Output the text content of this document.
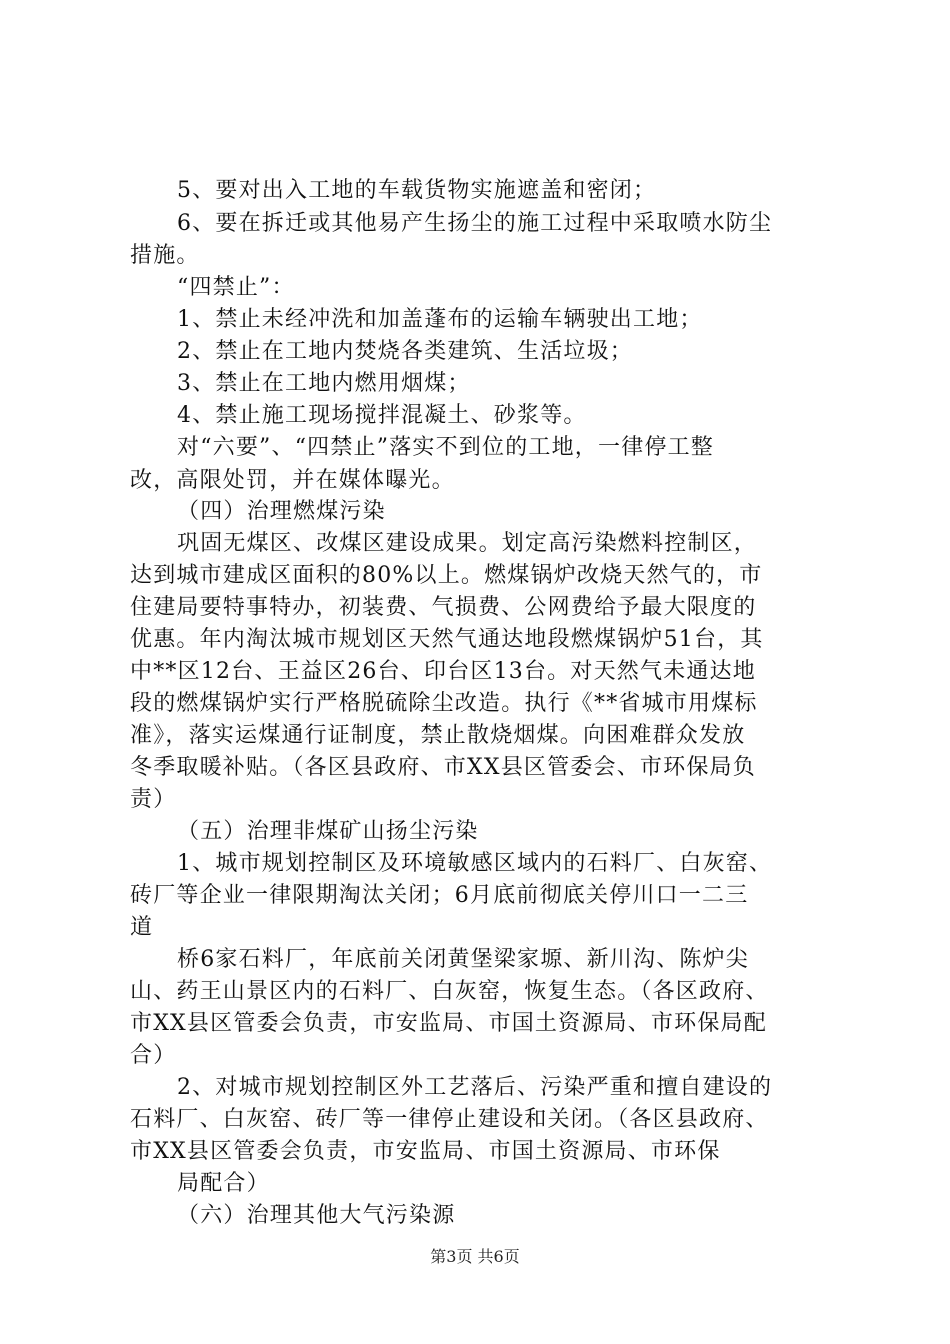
5、要对出入工地的车载货物实施遮盖和密闭；
6、要在拆迁或其他易产生扬尘的施工过程中采取喷水防尘
措施。
“四禁止”：
1、禁止未经冲洗和加盖蓬布的运输车辆驶出工地；
2、禁止在工地内焚烧各类建筑、生活垃圾；
3、禁止在工地内燃用烟煤；
4、禁止施工现场搅拌混凝土、砂浆等。
对“六要”、“四禁止”落实不到位的工地，一律停工整
改，高限处罚，并在媒体曝光。
（四）治理燃煤污染
巩固无煤区、改煤区建设成果。划定高污染燃料控制区，
达到城市建成区面积的80%以上。燃煤锅炉改烧天然气的，市
住建局要特事特办，初装费、气损费、公网费给予最大限度的
优惠。年内淘汰城市规划区天然气通达地段燃煤锅炉51台，其
中**区12台、王益区26台、印台区13台。对天然气未通达地
段的燃煤锅炉实行严格脱硫除尘改造。执行《**省城市用煤标
准》，落实运煤通行证制度，禁止散烧烟煤。向困难群众发放
冬季取暖补贴。（各区县政府、市XX县区管委会、市环保局负
责）
（五）治理非煤矿山扬尘污染
1、城市规划控制区及环境敏感区域内的石料厂、白灰窑、
砖厂等企业一律限期淘汰关闭；6月底前彻底关停川口一二三
道
桥6家石料厂，年底前关闭黄堡梁家塬、新川沟、陈炉尖
山、药王山景区内的石料厂、白灰窑，恢复生态。（各区政府、
市XX县区管委会负责，市安监局、市国土资源局、市环保局配
合）
2、对城市规划控制区外工艺落后、污染严重和擅自建设的
石料厂、白灰窑、砖厂等一律停止建设和关闭。（各区县政府、
市XX县区管委会负责，市安监局、市国土资源局、市环保
局配合）
（六）治理其他大气污染源
第3页 共6页
